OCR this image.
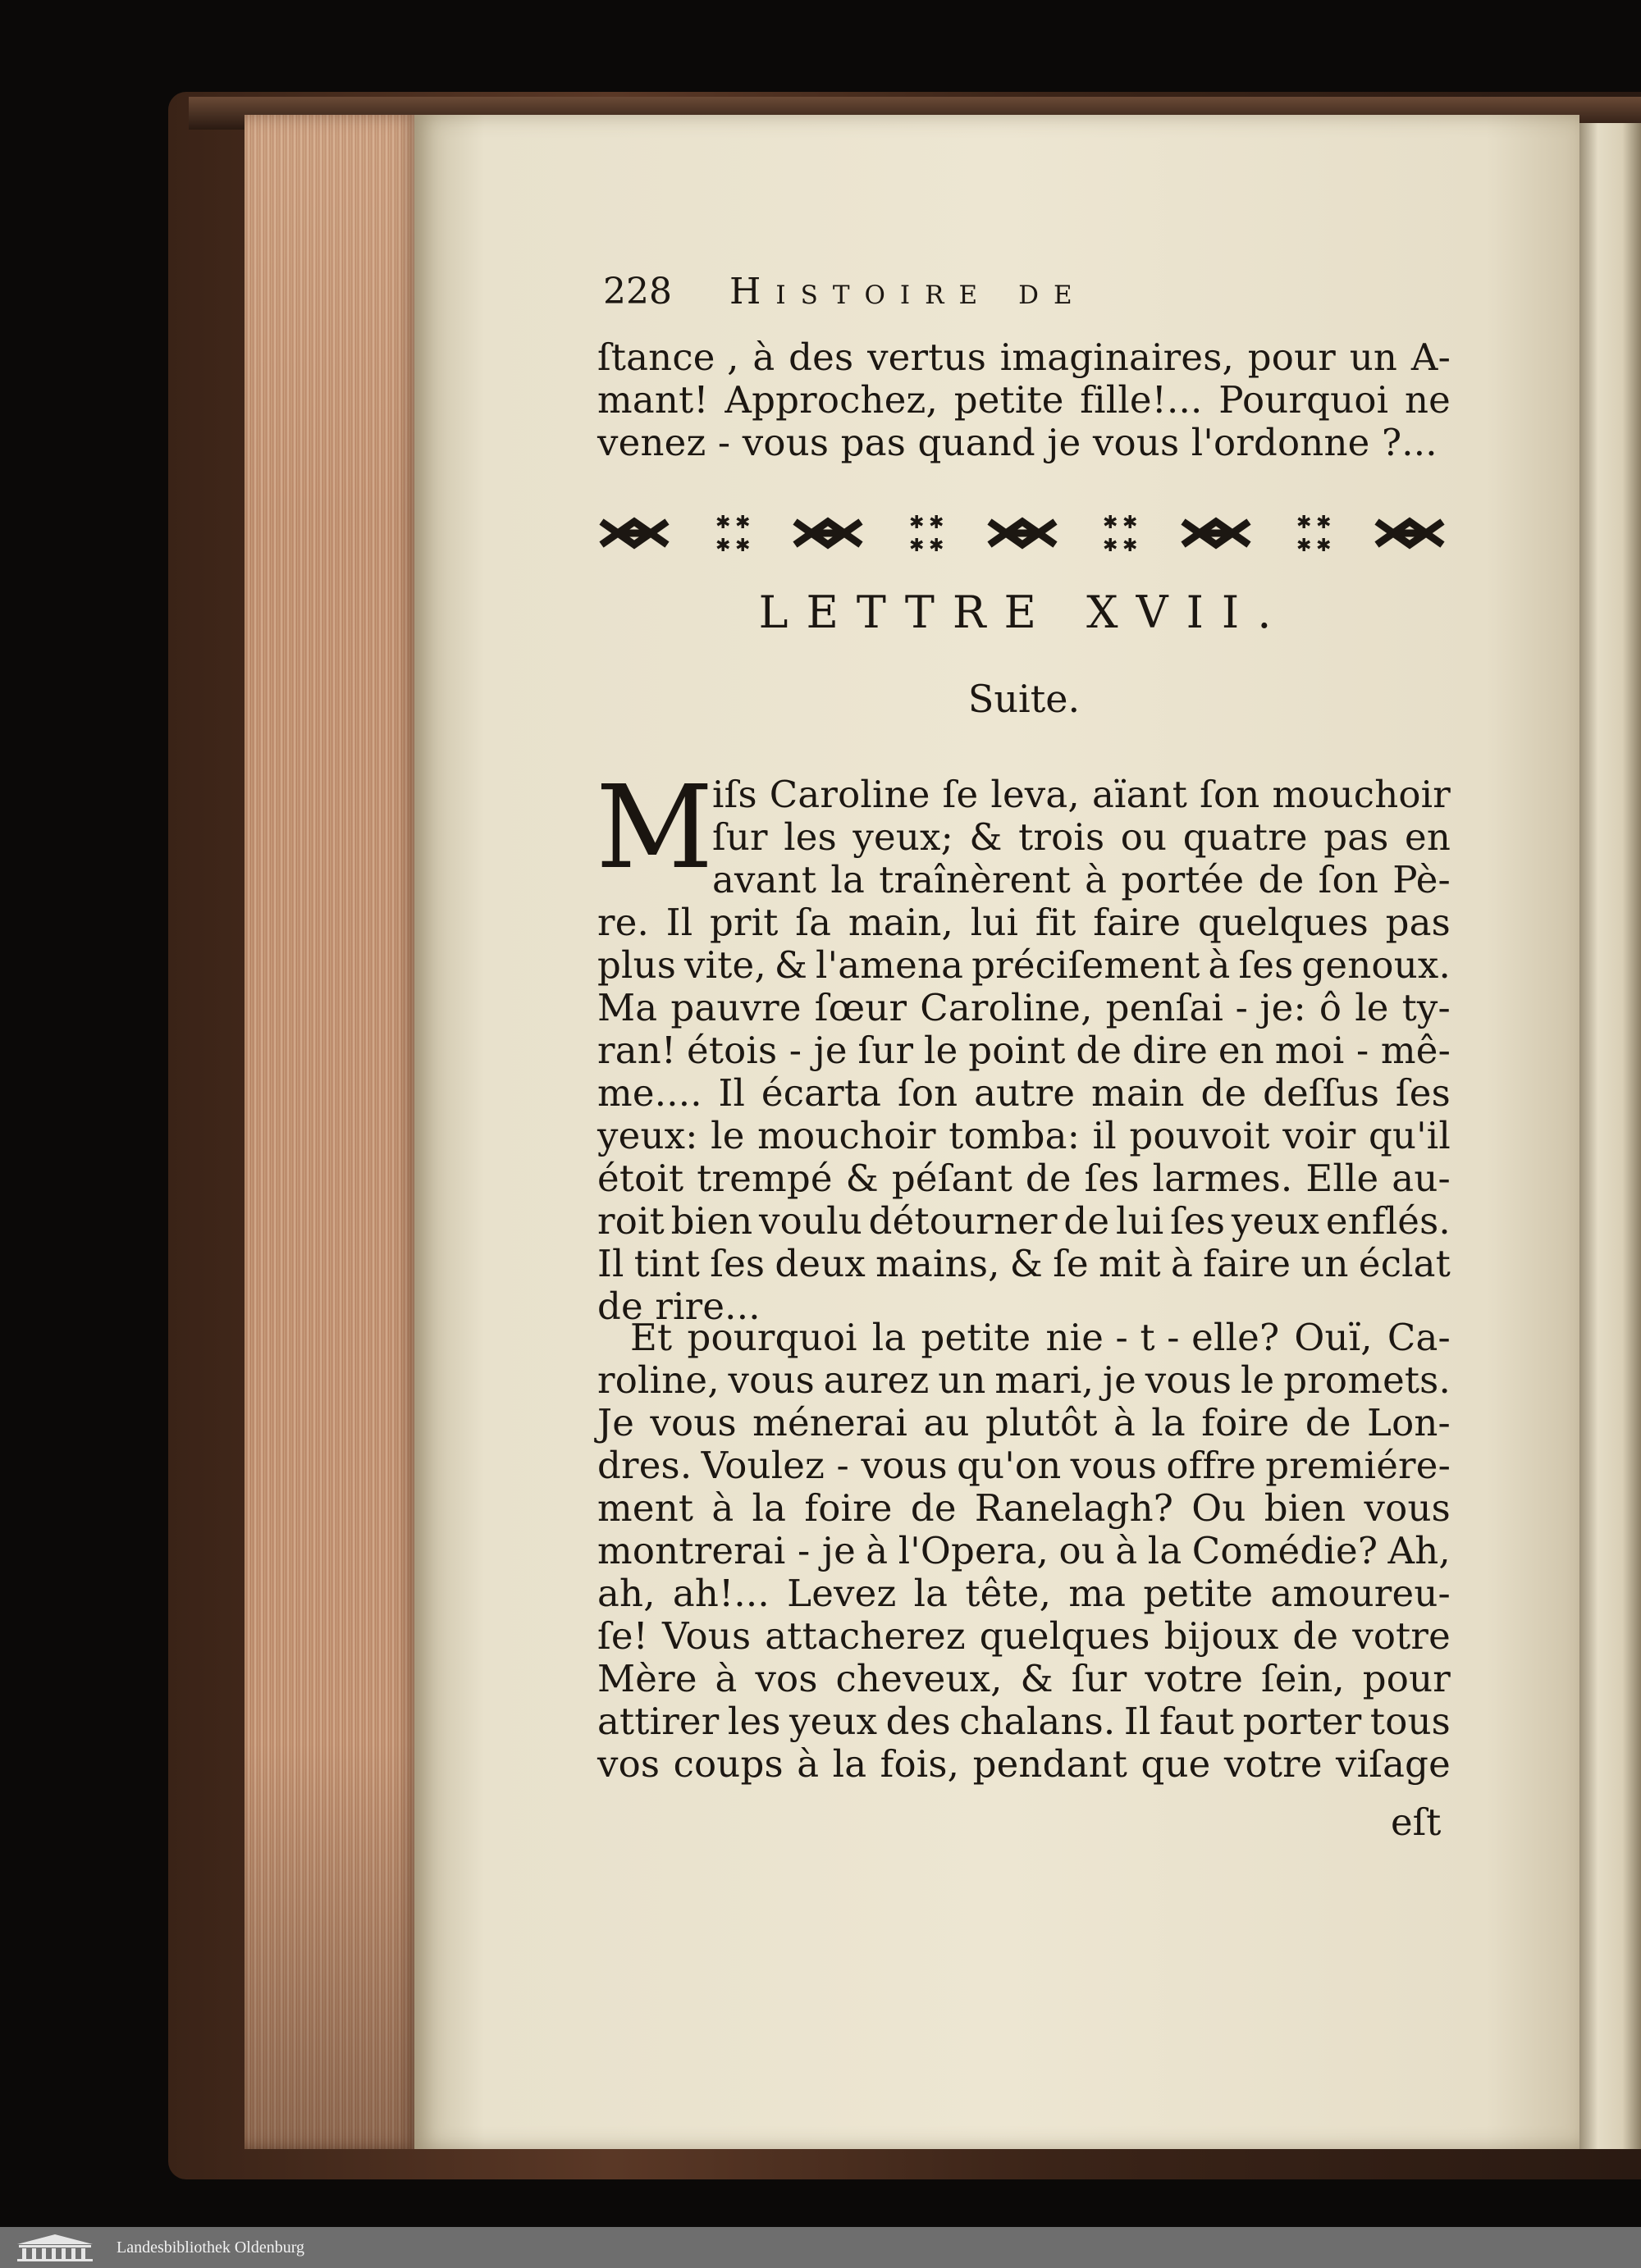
228 Histoire de
ſtance , à des vertus imaginaires, pour un A-
mant! Approchez, petite fille!... Pourquoi ne
venez - vous pas quand je vous l'ordonne ?...
✱ ✱
✱ ✱
✱ ✱
✱ ✱
✱ ✱
✱ ✱
✱ ✱
✱ ✱
LETTRE XVII.
Suite.
M
iſs Caroline ſe leva, aïant ſon mouchoir
ſur les yeux; & trois ou quatre pas en
avant la traînèrent à portée de ſon Pè-
re. Il prit ſa main, lui fit faire quelques pas
plus vite, & l'amena préciſement à ſes genoux.
Ma pauvre ſœur Caroline, penſai - je: ô le ty-
ran! étois - je ſur le point de dire en moi - mê-
me.... Il écarta ſon autre main de deſſus ſes
yeux: le mouchoir tomba: il pouvoit voir qu'il
étoit trempé & péſant de ſes larmes. Elle au-
roit bien voulu détourner de lui ſes yeux enflés.
Il tint ſes deux mains, & ſe mit à faire un éclat
de rire...
Et pourquoi la petite nie - t - elle? Ouï, Ca-
roline, vous aurez un mari, je vous le promets.
Je vous ménerai au plutôt à la foire de Lon-
dres. Voulez - vous qu'on vous offre premiére-
ment à la foire de Ranelagh? Ou bien vous
montrerai - je à l'Opera, ou à la Comédie? Ah,
ah, ah!... Levez la tête, ma petite amoureu-
ſe! Vous attacherez quelques bijoux de votre
Mère à vos cheveux, & ſur votre ſein, pour
attirer les yeux des chalans. Il faut porter tous
vos coups à la fois, pendant que votre viſage
eſt
Landesbibliothek Oldenburg
